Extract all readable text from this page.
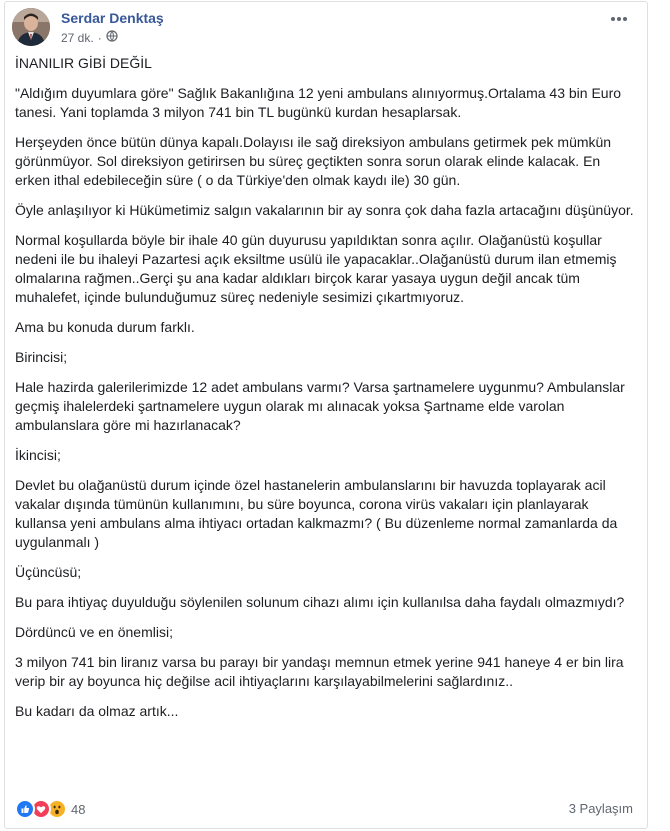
Serdar Denktaş
27 dk. ·

İNANILIR GİBİ DEĞİL

"Aldığım duyumlara göre" Sağlık Bakanlığına 12 yeni ambulans alınıyormuş.Ortalama 43 bin Euro tanesi. Yani toplamda 3 milyon 741 bin TL bugünkü kurdan hesaplarsak.

Herşeyden önce bütün dünya kapalı.Dolayısı ile sağ direksiyon ambulans getirmek pek mümkün görünmüyor. Sol direksiyon getirirsen bu süreç geçtikten sonra sorun olarak elinde kalacak. En erken ithal edebileceğin süre ( o da Türkiye'den olmak kaydı ile) 30 gün.

Öyle anlaşılıyor ki Hükümetimiz salgın vakalarının bir ay sonra çok daha fazla artacağını düşünüyor.

Normal koşullarda böyle bir ihale 40 gün duyurusu yapıldıktan sonra açılır. Olağanüstü koşullar nedeni ile bu ihaleyi Pazartesi açık eksiltme usülü ile yapacaklar..Olağanüstü durum ilan etmemiş olmalarına rağmen..Gerçi şu ana kadar aldıkları birçok karar yasaya uygun değil ancak tüm muhalefet, içinde bulunduğumuz süreç nedeniyle sesimizi çıkartmıyoruz.

Ama bu konuda durum farklı.

Birincisi;

Hale hazirda galerilerimizde 12 adet ambulans varmı? Varsa şartnamelere uygunmu? Ambulanslar geçmiş ihalelerdeki şartnamelere uygun olarak mı alınacak yoksa Şartname elde varolan ambulanslara göre mi hazırlanacak?

İkincisi;

Devlet bu olağanüstü durum içinde özel hastanelerin ambulanslarını bir havuzda toplayarak acil vakalar dışında tümünün kullanımını, bu süre boyunca, corona virüs vakaları için planlayarak kullansa yeni ambulans alma ihtiyacı ortadan kalkmazmı? ( Bu düzenleme normal zamanlarda da uygulanmalı )

Üçüncüsü;

Bu para ihtiyaç duyulduğu söylenilen solunum cihazı alımı için kullanılsa daha faydalı olmazmıydı?

Dördüncü ve en önemlisi;

3 milyon 741 bin liranız varsa bu parayı bir yandaşı memnun etmek yerine 941 haneye 4 er bin lira verip bir ay boyunca hiç değilse acil ihtiyaçlarını karşılayabilmelerini sağlardınız..

Bu kadarı da olmaz artık...

48	3 Paylaşım
